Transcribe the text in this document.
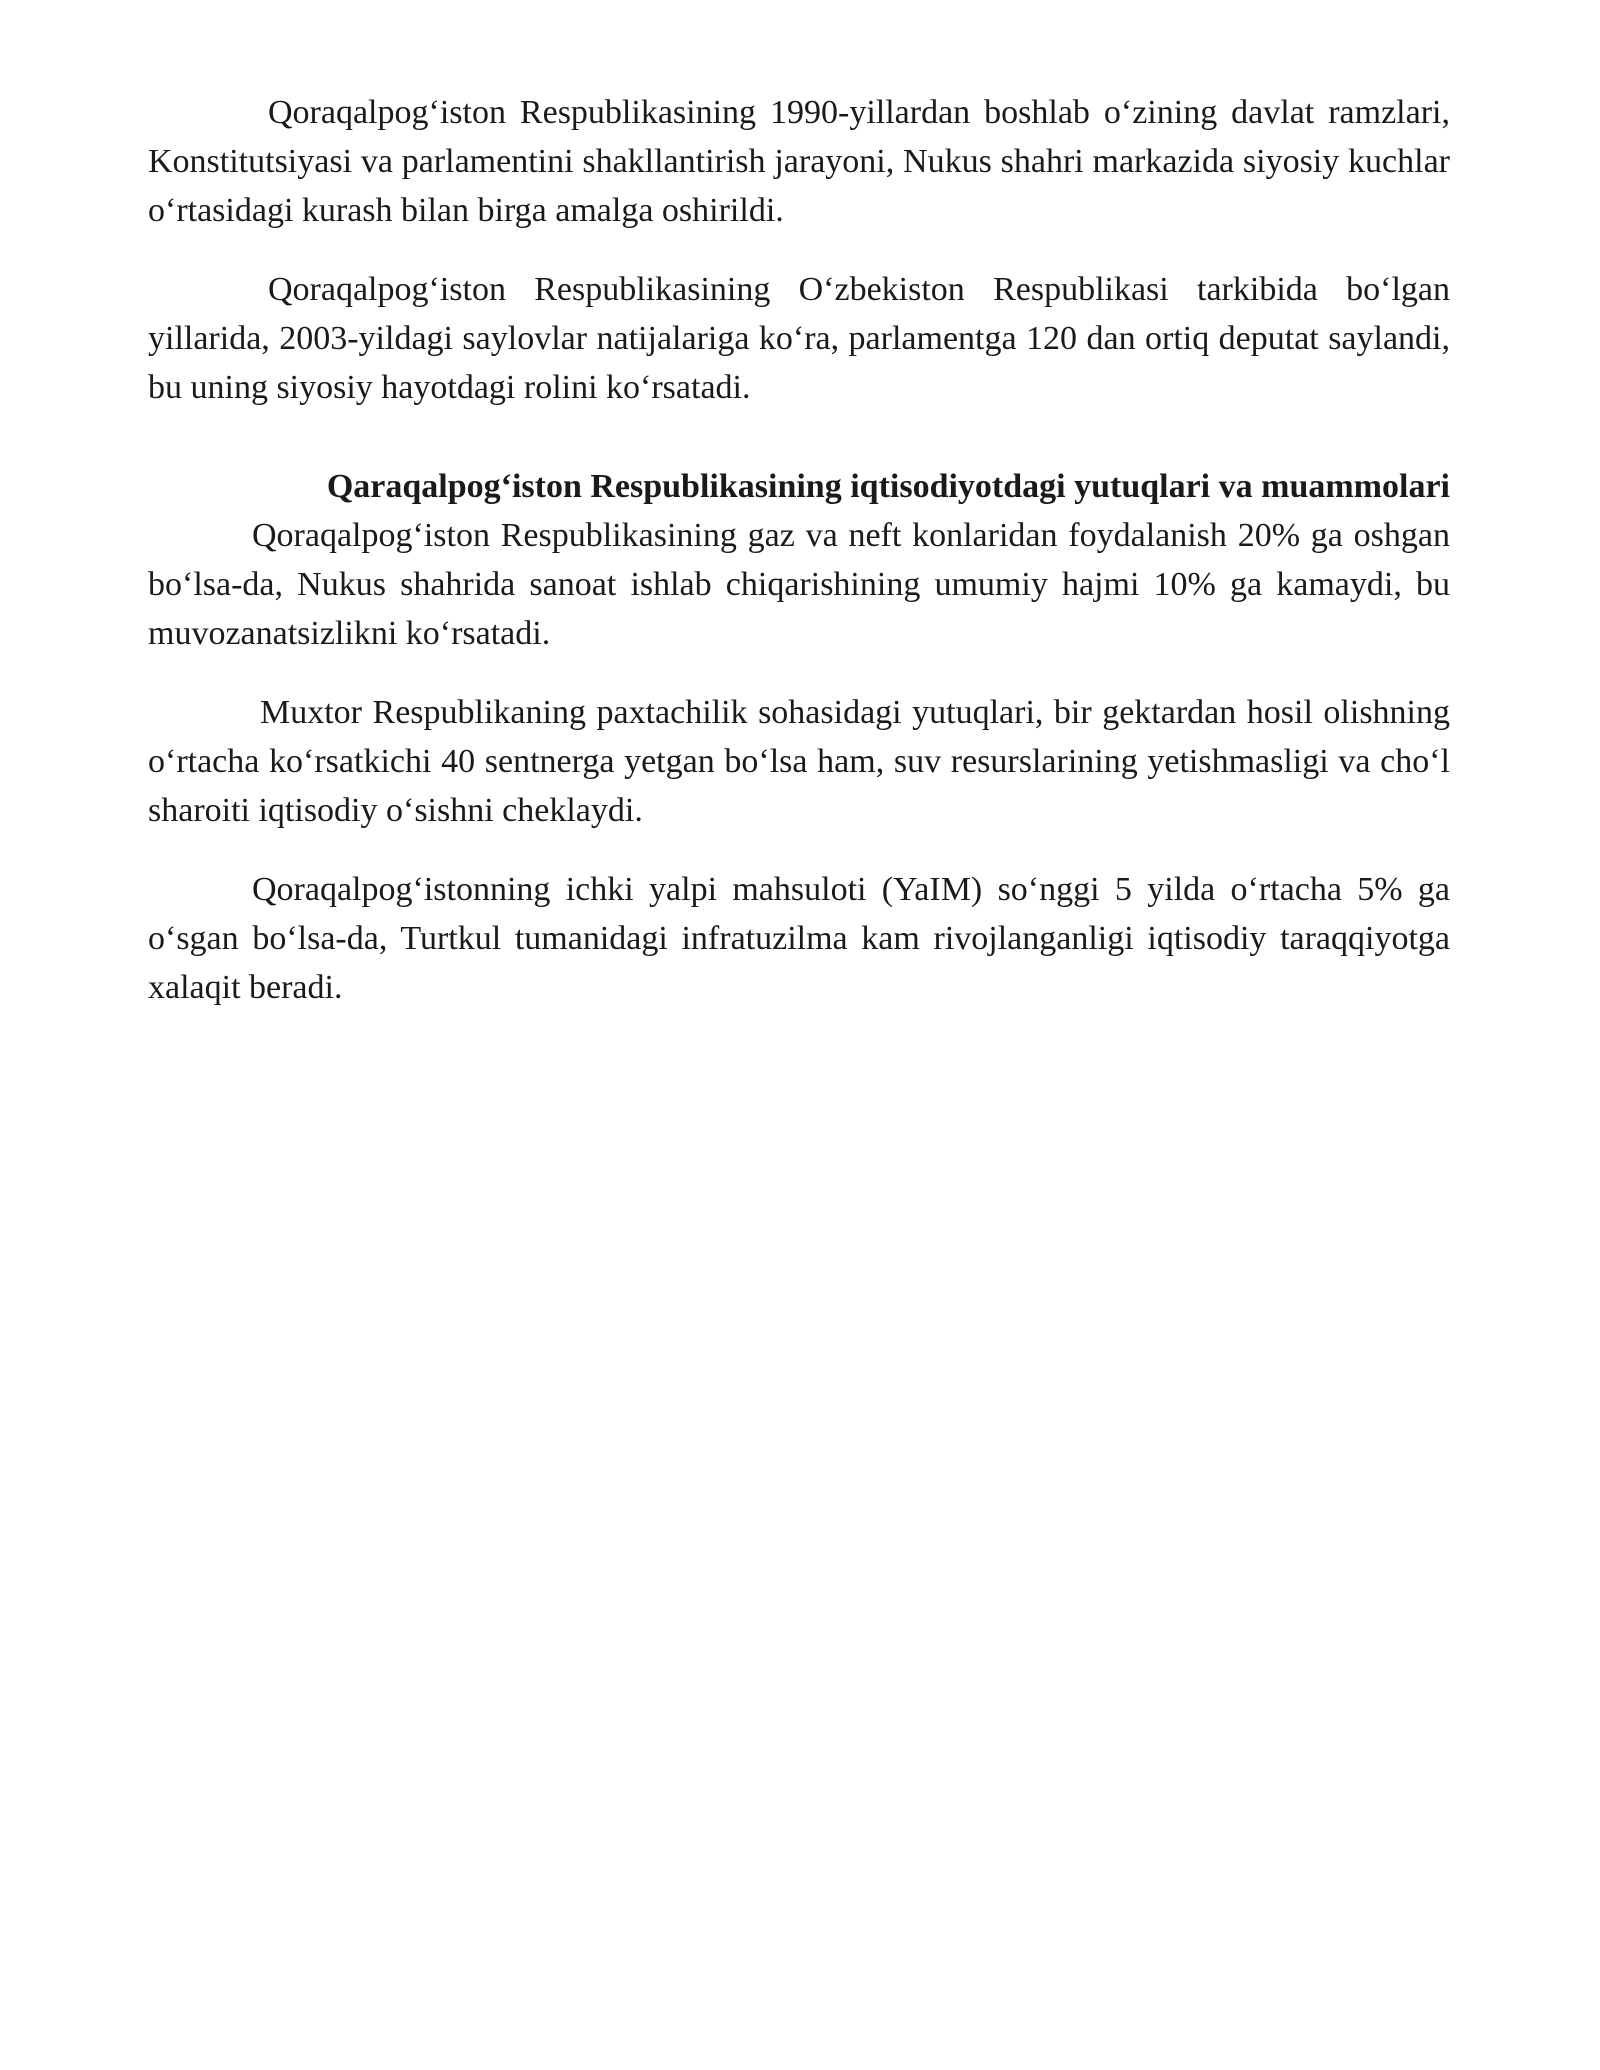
Qoraqalpog‘iston Respublikasining 1990-yillardan boshlab o‘zining davlat ramzlari, Konstitutsiyasi va parlamentini shakllantirish jarayoni, Nukus shahri markazida siyosiy kuchlar o‘rtasidagi kurash bilan birga amalga oshirildi.

Qoraqalpog‘iston Respublikasining O‘zbekiston Respublikasi tarkibida bo‘lgan yillarida, 2003-yildagi saylovlar natijalariga ko‘ra, parlamentga 120 dan ortiq deputat saylandi, bu uning siyosiy hayotdagi rolini ko‘rsatadi.

Qaraqalpog‘iston Respublikasining iqtisodiyotdagi yutuqlari va muammolari

Qoraqalpog‘iston Respublikasining gaz va neft konlaridan foydalanish 20% ga oshgan bo‘lsa-da, Nukus shahrida sanoat ishlab chiqarishining umumiy hajmi 10% ga kamaydi, bu muvozanatsizlikni ko‘rsatadi.

Muxtor Respublikaning paxtachilik sohasidagi yutuqlari, bir gektardan hosil olishning o‘rtacha ko‘rsatkichi 40 sentnerga yetgan bo‘lsa ham, suv resurslarining yetishmasligi va cho‘l sharoiti iqtisodiy o‘sishni cheklaydi.

Qoraqalpog‘istonning ichki yalpi mahsuloti (YaIM) so‘nggi 5 yilda o‘rtacha 5% ga o‘sgan bo‘lsa-da, Turtkul tumanidagi infratuzilma kam rivojlanganligi iqtisodiy taraqqiyotga xalaqit beradi.
